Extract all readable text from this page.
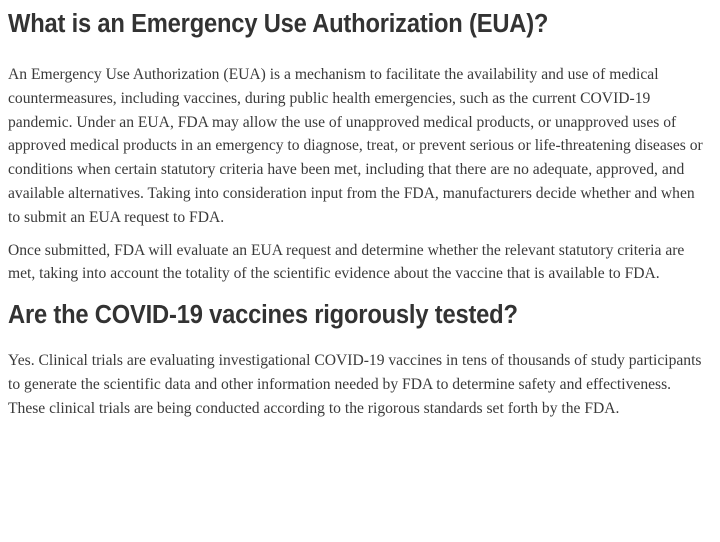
What is an Emergency Use Authorization (EUA)?

An Emergency Use Authorization (EUA) is a mechanism to facilitate the availability and use of medical countermeasures, including vaccines, during public health emergencies, such as the current COVID-19 pandemic. Under an EUA, FDA may allow the use of unapproved medical products, or unapproved uses of approved medical products in an emergency to diagnose, treat, or prevent serious or life-threatening diseases or conditions when certain statutory criteria have been met, including that there are no adequate, approved, and available alternatives. Taking into consideration input from the FDA, manufacturers decide whether and when to submit an EUA request to FDA.

Once submitted, FDA will evaluate an EUA request and determine whether the relevant statutory criteria are met, taking into account the totality of the scientific evidence about the vaccine that is available to FDA.

Are the COVID-19 vaccines rigorously tested?

Yes. Clinical trials are evaluating investigational COVID-19 vaccines in tens of thousands of study participants to generate the scientific data and other information needed by FDA to determine safety and effectiveness. These clinical trials are being conducted according to the rigorous standards set forth by the FDA.
